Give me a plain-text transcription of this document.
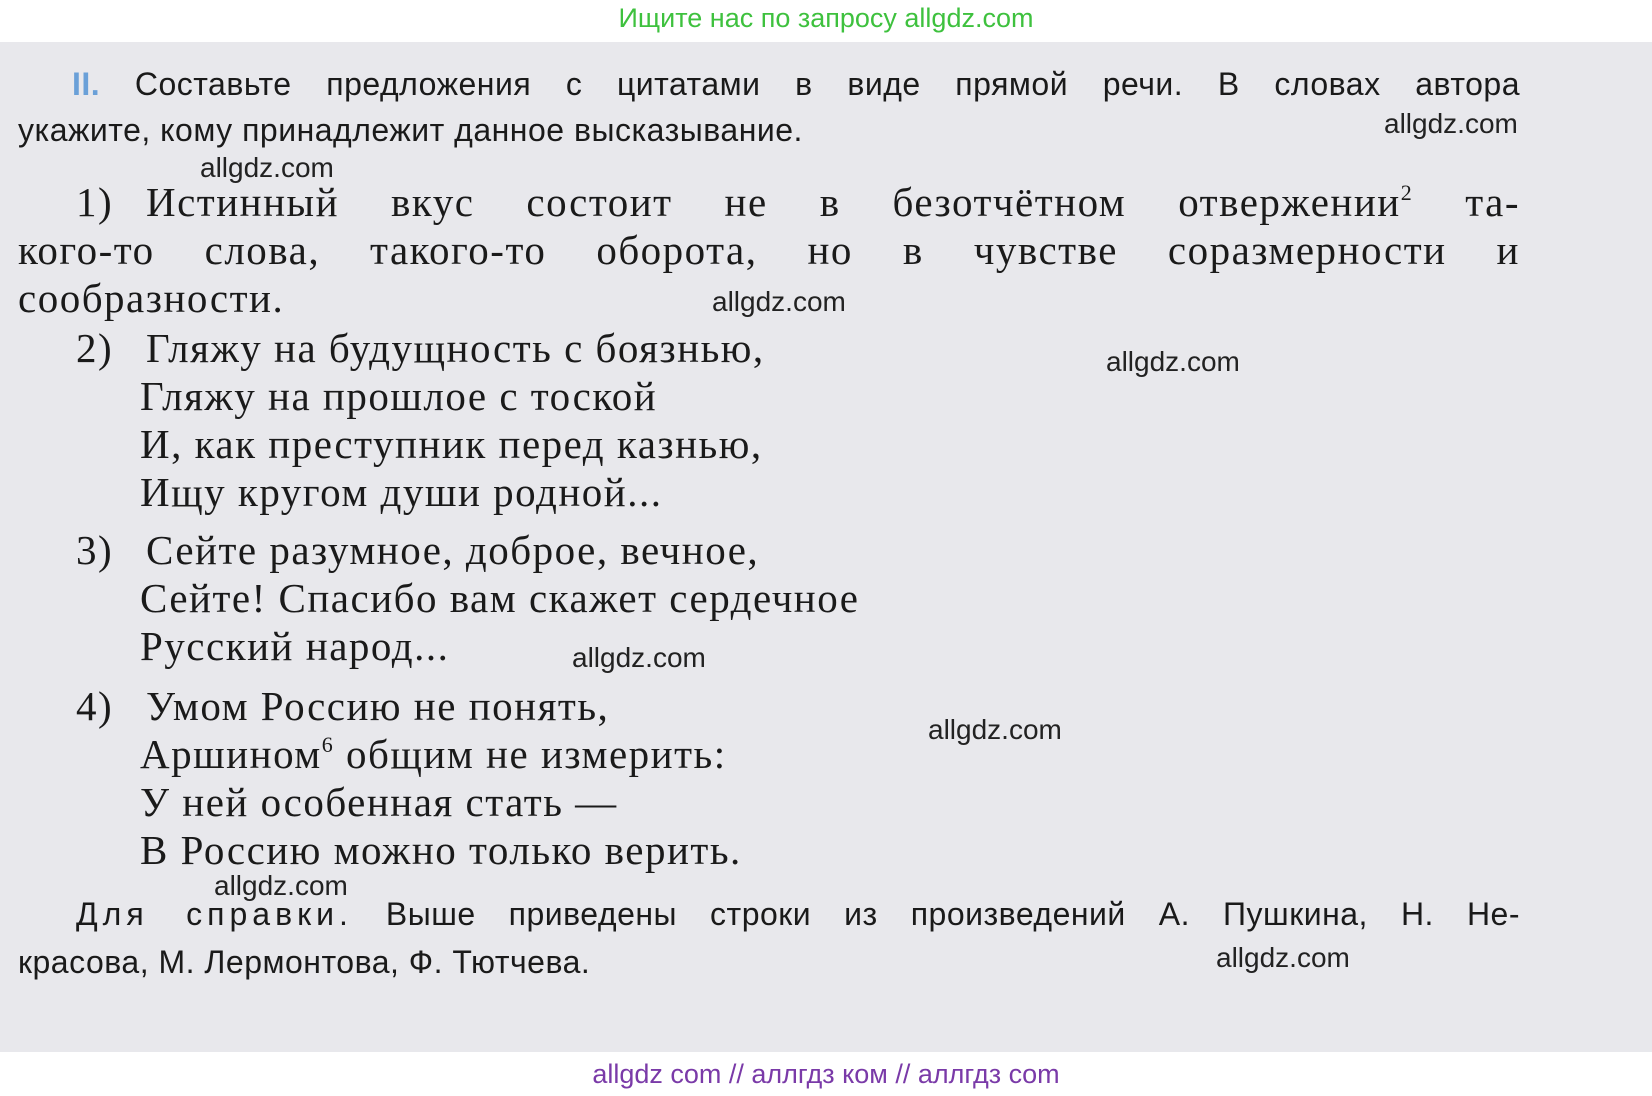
Ищите нас по запросу allgdz.com
II. Составьте предложения с цитатами в виде прямой речи. В словах автора
укажите, кому принадлежит данное высказывание.
1) Истинный вкус состоит не в безотчётном отвержении$^2$ та-
кого-то слова, такого-то оборота, но в чувстве соразмерности и
сообразности.
2) Гляжу на будущность с боязнью,
Гляжу на прошлое с тоской
И, как преступник перед казнью,
Ищу кругом души родной...
3) Сейте разумное, доброе, вечное,
Сейте! Спасибо вам скажет сердечное
Русский народ...
4) Умом Россию не понять,
Аршином$^6$ общим не измерить:
У ней особенная стать —
В Россию можно только верить.
Для справки. Выше приведены строки из произведений А. Пушкина, Н. Не-
красова, М. Лермонтова, Ф. Тютчева.
allgdz.com
allgdz.com
allgdz.com
allgdz.com
allgdz.com
allgdz.com
allgdz.com
allgdz.com
allgdz com // аллгдз ком // аллгдз com
